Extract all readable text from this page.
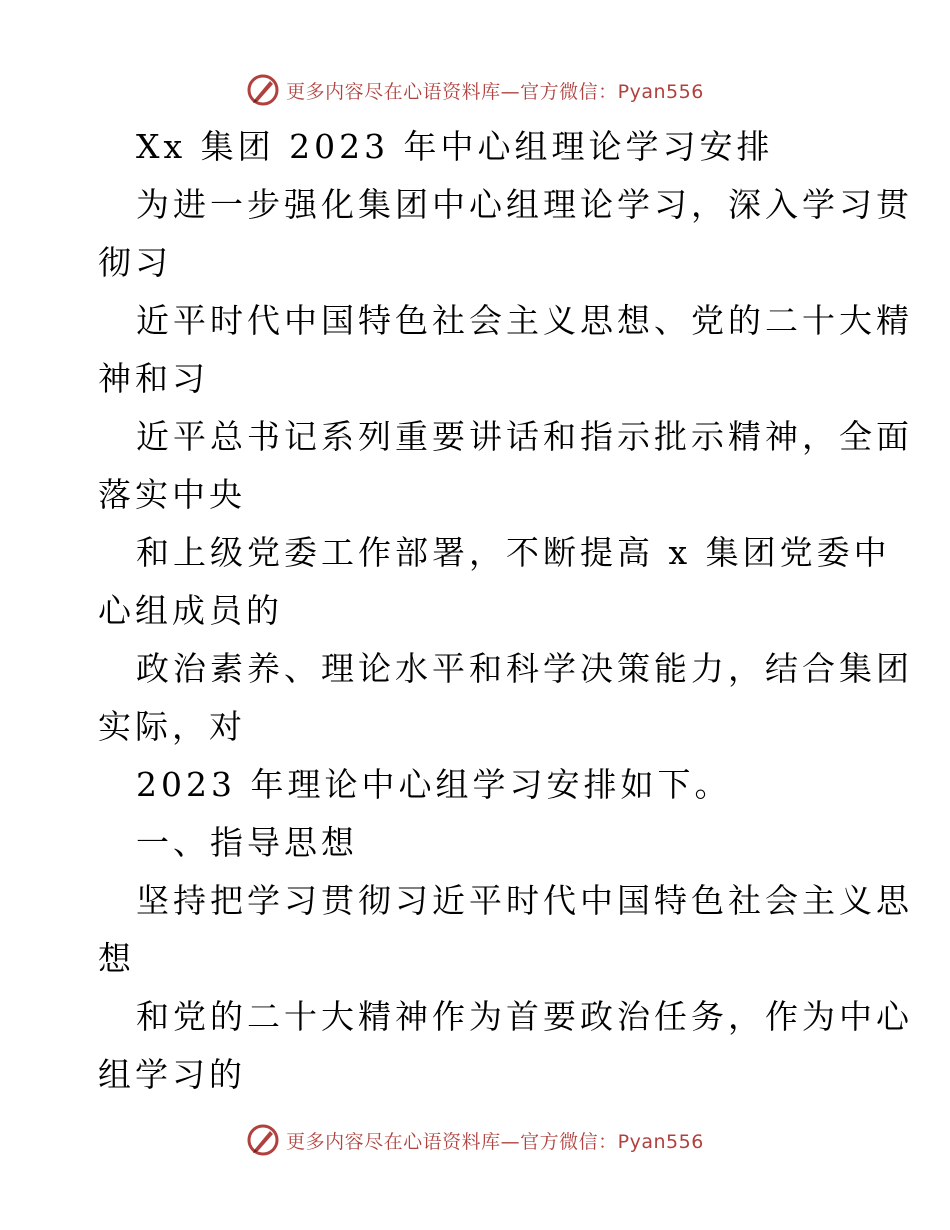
更多内容尽在心语资料库—官方微信：Pyan556
Xx 集团 2023 年中心组理论学习安排
为进一步强化集团中心组理论学习，深入学习贯
彻习
近平时代中国特色社会主义思想、党的二十大精
神和习
近平总书记系列重要讲话和指示批示精神，全面
落实中央
和上级党委工作部署，不断提高 x 集团党委中
心组成员的
政治素养、理论水平和科学决策能力，结合集团
实际，对
2023 年理论中心组学习安排如下。
一、指导思想
坚持把学习贯彻习近平时代中国特色社会主义思
想
和党的二十大精神作为首要政治任务，作为中心
组学习的
更多内容尽在心语资料库—官方微信：Pyan556
